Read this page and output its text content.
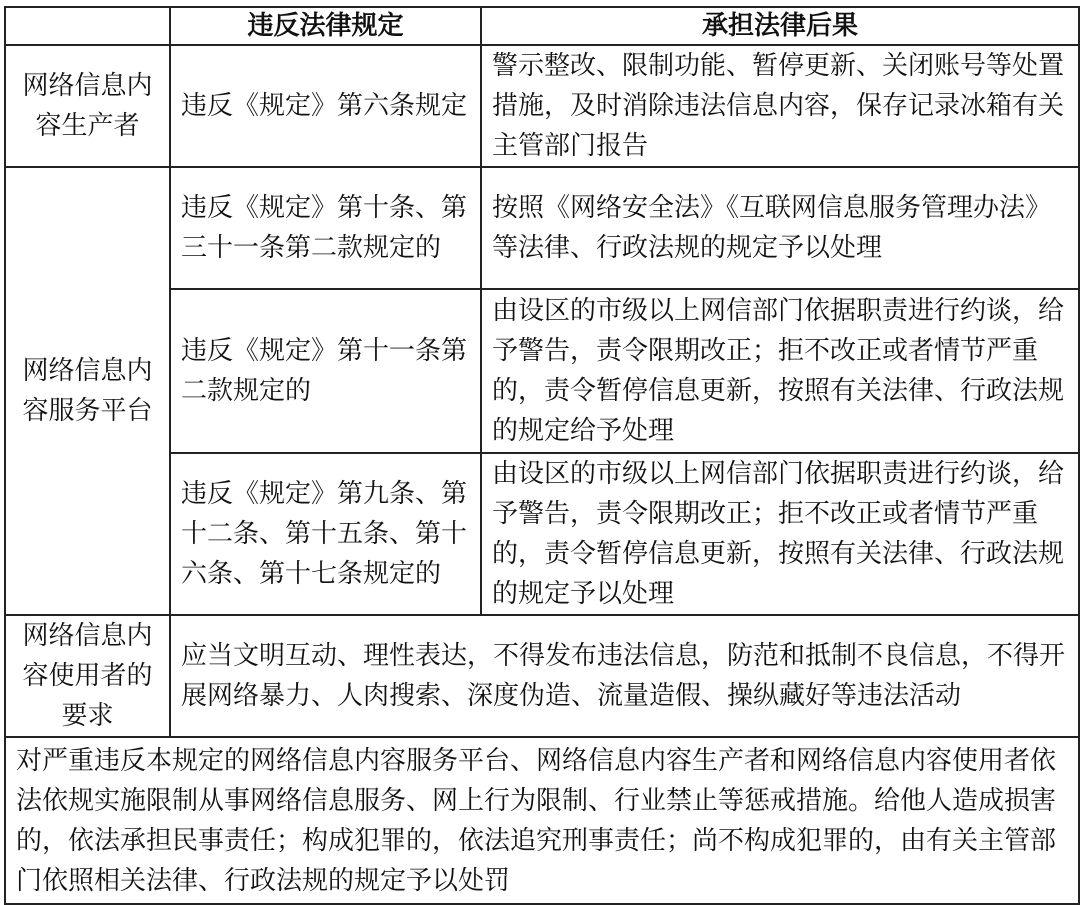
	违反法律规定	承担法律后果
网络信息内容生产者	违反《规定》第六条规定	警示整改、限制功能、暂停更新、关闭账号等处置措施，及时消除违法信息内容，保存记录冰箱有关主管部门报告
网络信息内容服务平台	违反《规定》第十条、第三十一条第二款规定的	按照《网络安全法》《互联网信息服务管理办法》等法律、行政法规的规定予以处理
	违反《规定》第十一条第二款规定的	由设区的市级以上网信部门依据职责进行约谈，给予警告，责令限期改正；拒不改正或者情节严重的，责令暂停信息更新，按照有关法律、行政法规的规定给予处理
	违反《规定》第九条、第十二条、第十五条、第十六条、第十七条规定的	由设区的市级以上网信部门依据职责进行约谈，给予警告，责令限期改正；拒不改正或者情节严重的，责令暂停信息更新，按照有关法律、行政法规的规定予以处理
网络信息内容使用者的要求	应当文明互动、理性表达，不得发布违法信息，防范和抵制不良信息，不得开展网络暴力、人肉搜索、深度伪造、流量造假、操纵藏好等违法活动	
对严重违反本规定的网络信息内容服务平台、网络信息内容生产者和网络信息内容使用者依法依规实施限制从事网络信息服务、网上行为限制、行业禁止等惩戒措施。给他人造成损害的，依法承担民事责任；构成犯罪的，依法追究刑事责任；尚不构成犯罪的，由有关主管部门依照相关法律、行政法规的规定予以处罚		
